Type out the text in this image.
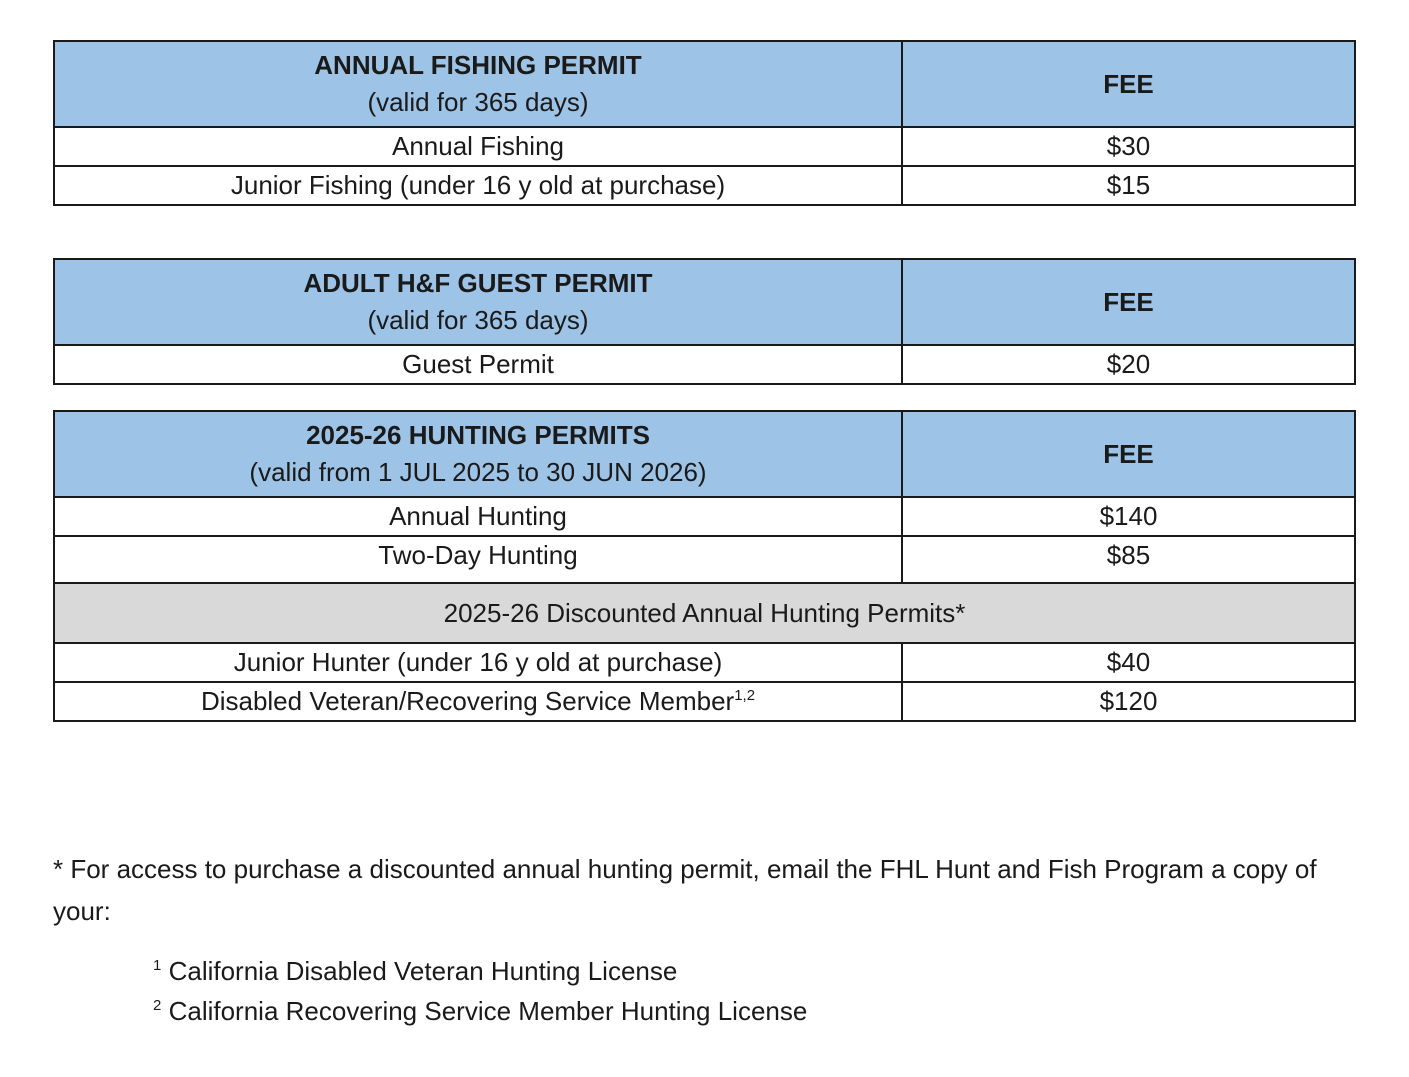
ANNUAL FISHING PERMIT
(valid for 365 days)	FEE
Annual Fishing	$30
Junior Fishing (under 16 y old at purchase)	$15
ADULT H&F GUEST PERMIT
(valid for 365 days)	FEE
Guest Permit	$20
2025-26 HUNTING PERMITS
(valid from 1 JUL 2025 to 30 JUN 2026)	FEE
Annual Hunting	$140
Two-Day Hunting	$85
2025-26 Discounted Annual Hunting Permits*	
Junior Hunter (under 16 y old at purchase)	$40
Disabled Veteran/Recovering Service Member$^{1,2}$	$120
* For access to purchase a discounted annual hunting permit, email the FHL Hunt and Fish Program a copy of your:
$^1$ California Disabled Veteran Hunting License
$^2$ California Recovering Service Member Hunting License
